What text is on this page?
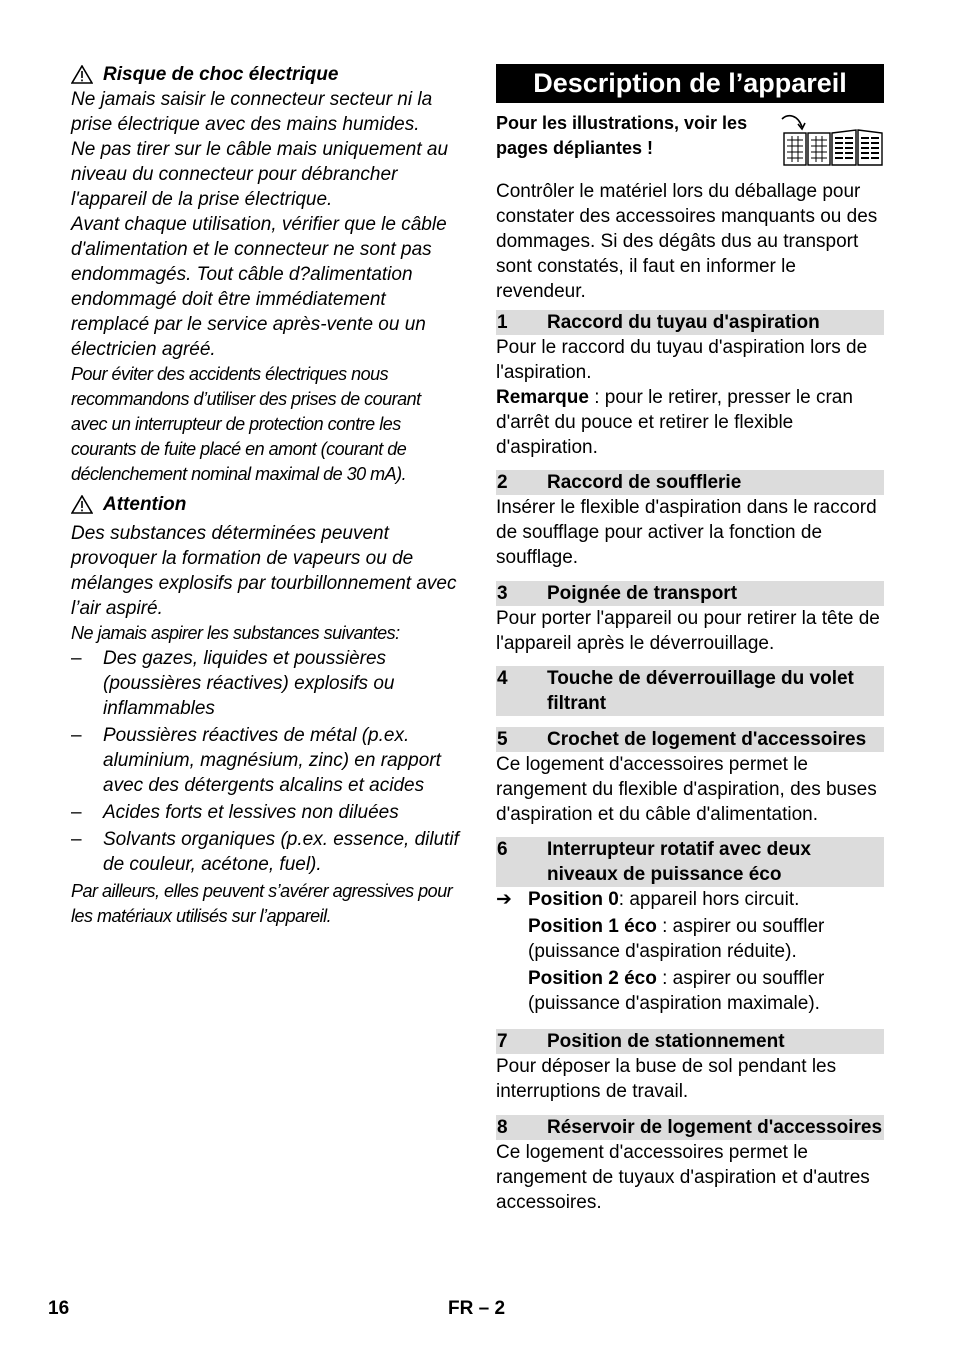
Risque de choc électrique

Ne jamais saisir le connecteur secteur ni la prise électrique avec des mains humides.

Ne pas tirer sur le câble mais uniquement au niveau du connecteur pour débrancher l'appareil de la prise électrique.

Avant chaque utilisation, vérifier que le câble d'alimentation et le connecteur ne sont pas endommagés. Tout câble d?alimentation endommagé doit être immédiatement remplacé par le service après-vente ou un électricien agréé.

Pour éviter des accidents électriques nous recommandons d’utiliser des prises de courant avec un interrupteur de protection contre les courants de fuite placé en amont (courant de déclenchement nominal maximal de 30 mA).

Attention

Des substances déterminées peuvent provoquer la formation de vapeurs ou de mélanges explosifs par tourbillonnement avec l’air aspiré.

Ne jamais aspirer les substances suivantes:

– Des gazes, liquides et poussières (poussières réactives) explosifs ou inflammables
– Poussières réactives de métal (p.ex. aluminium, magnésium, zinc) en rapport avec des détergents alcalins et acides
– Acides forts et lessives non diluées
– Solvants organiques (p.ex. essence, dilutif de couleur, acétone, fuel).

Par ailleurs, elles peuvent s’avérer agressives pour les matériaux utilisés sur l’appareil.

Description de l’appareil
Pour les illustrations, voir les pages dépliantes !

Contrôler le matériel lors du déballage pour constater des accessoires manquants ou des dommages. Si des dégâts dus au transport sont constatés, il faut en informer le revendeur.

1	Raccord du tuyau d'aspiration

Pour le raccord du tuyau d'aspiration lors de l'aspiration.

Remarque : pour le retirer, presser le cran d'arrêt du pouce et retirer le flexible d'aspiration.

2	Raccord de soufflerie

Insérer le flexible d'aspiration dans le raccord de soufflage pour activer la fonction de soufflage.

3	Poignée de transport

Pour porter l'appareil ou pour retirer la tête de l'appareil après le déverrouillage.

4	Touche de déverrouillage du volet filtrant
5	Crochet de logement d'accessoires

Ce logement d'accessoires permet le rangement du flexible d'aspiration, des buses d'aspiration et du câble d'alimentation.

6	Interrupteur rotatif avec deux niveaux de puissance éco
➔ Position 0: appareil hors circuit.
Position 1 éco : aspirer ou souffler (puissance d'aspiration réduite).
Position 2 éco : aspirer ou souffler (puissance d'aspiration maximale).
7	Position de stationnement

Pour déposer la buse de sol pendant les interruptions de travail.

8	Réservoir de logement d'accessoires

Ce logement d'accessoires permet le rangement de tuyaux d'aspiration et d'autres accessoires.

16	FR – 2
